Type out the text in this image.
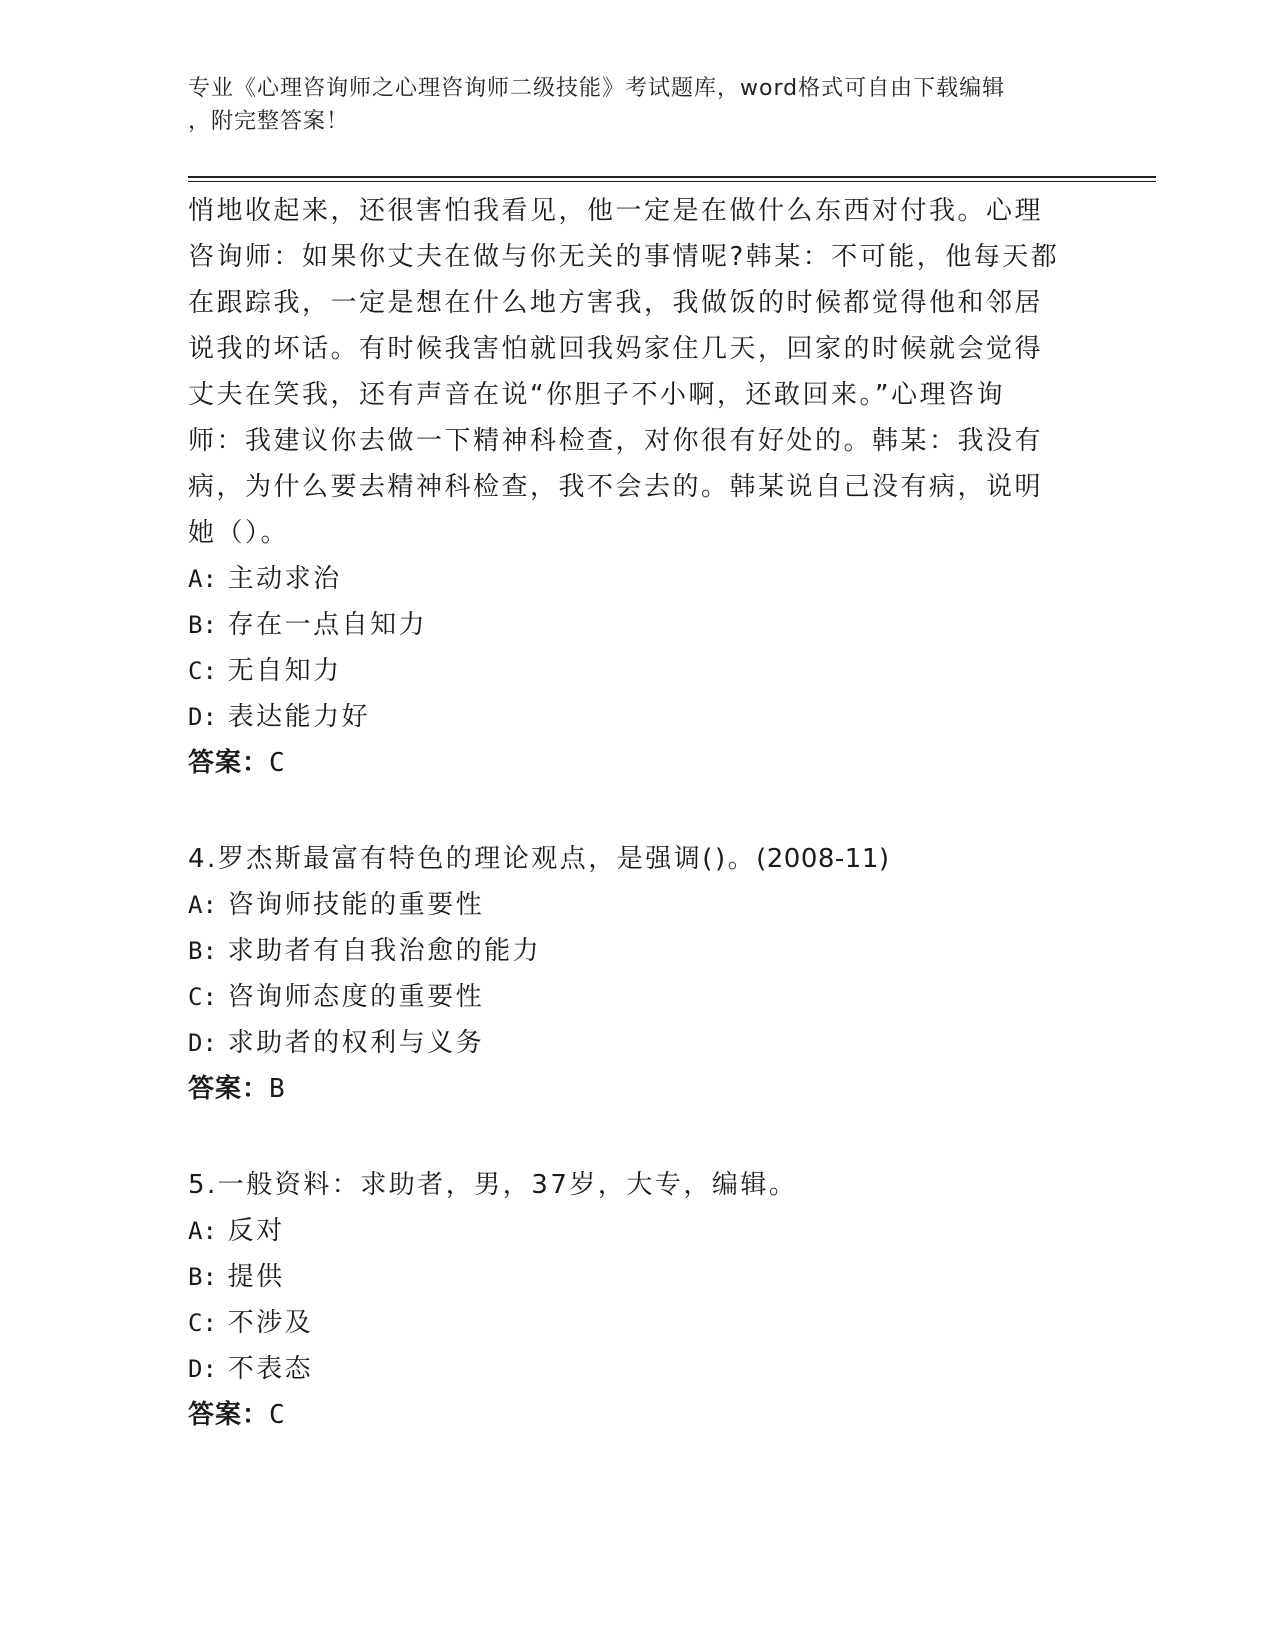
专业《心理咨询师之心理咨询师二级技能》考试题库，word格式可自由下载编辑
，附完整答案！
悄地收起来，还很害怕我看见，他一定是在做什么东西对付我。心理
咨询师：如果你丈夫在做与你无关的事情呢?韩某：不可能，他每天都
在跟踪我，一定是想在什么地方害我，我做饭的时候都觉得他和邻居
说我的坏话。有时候我害怕就回我妈家住几天，回家的时候就会觉得
丈夫在笑我，还有声音在说“你胆子不小啊，还敢回来。”心理咨询
师：我建议你去做一下精神科检查，对你很有好处的。韩某：我没有
病，为什么要去精神科检查，我不会去的。韩某说自己没有病，说明
她（）。
A: 主动求治
B: 存在一点自知力
C: 无自知力
D: 表达能力好
答案：C
4.罗杰斯最富有特色的理论观点，是强调()。(2008-11)
A: 咨询师技能的重要性
B: 求助者有自我治愈的能力
C: 咨询师态度的重要性
D: 求助者的权利与义务
答案：B
5.一般资料：求助者，男，37岁，大专，编辑。
A: 反对
B: 提供
C: 不涉及
D: 不表态
答案：C
